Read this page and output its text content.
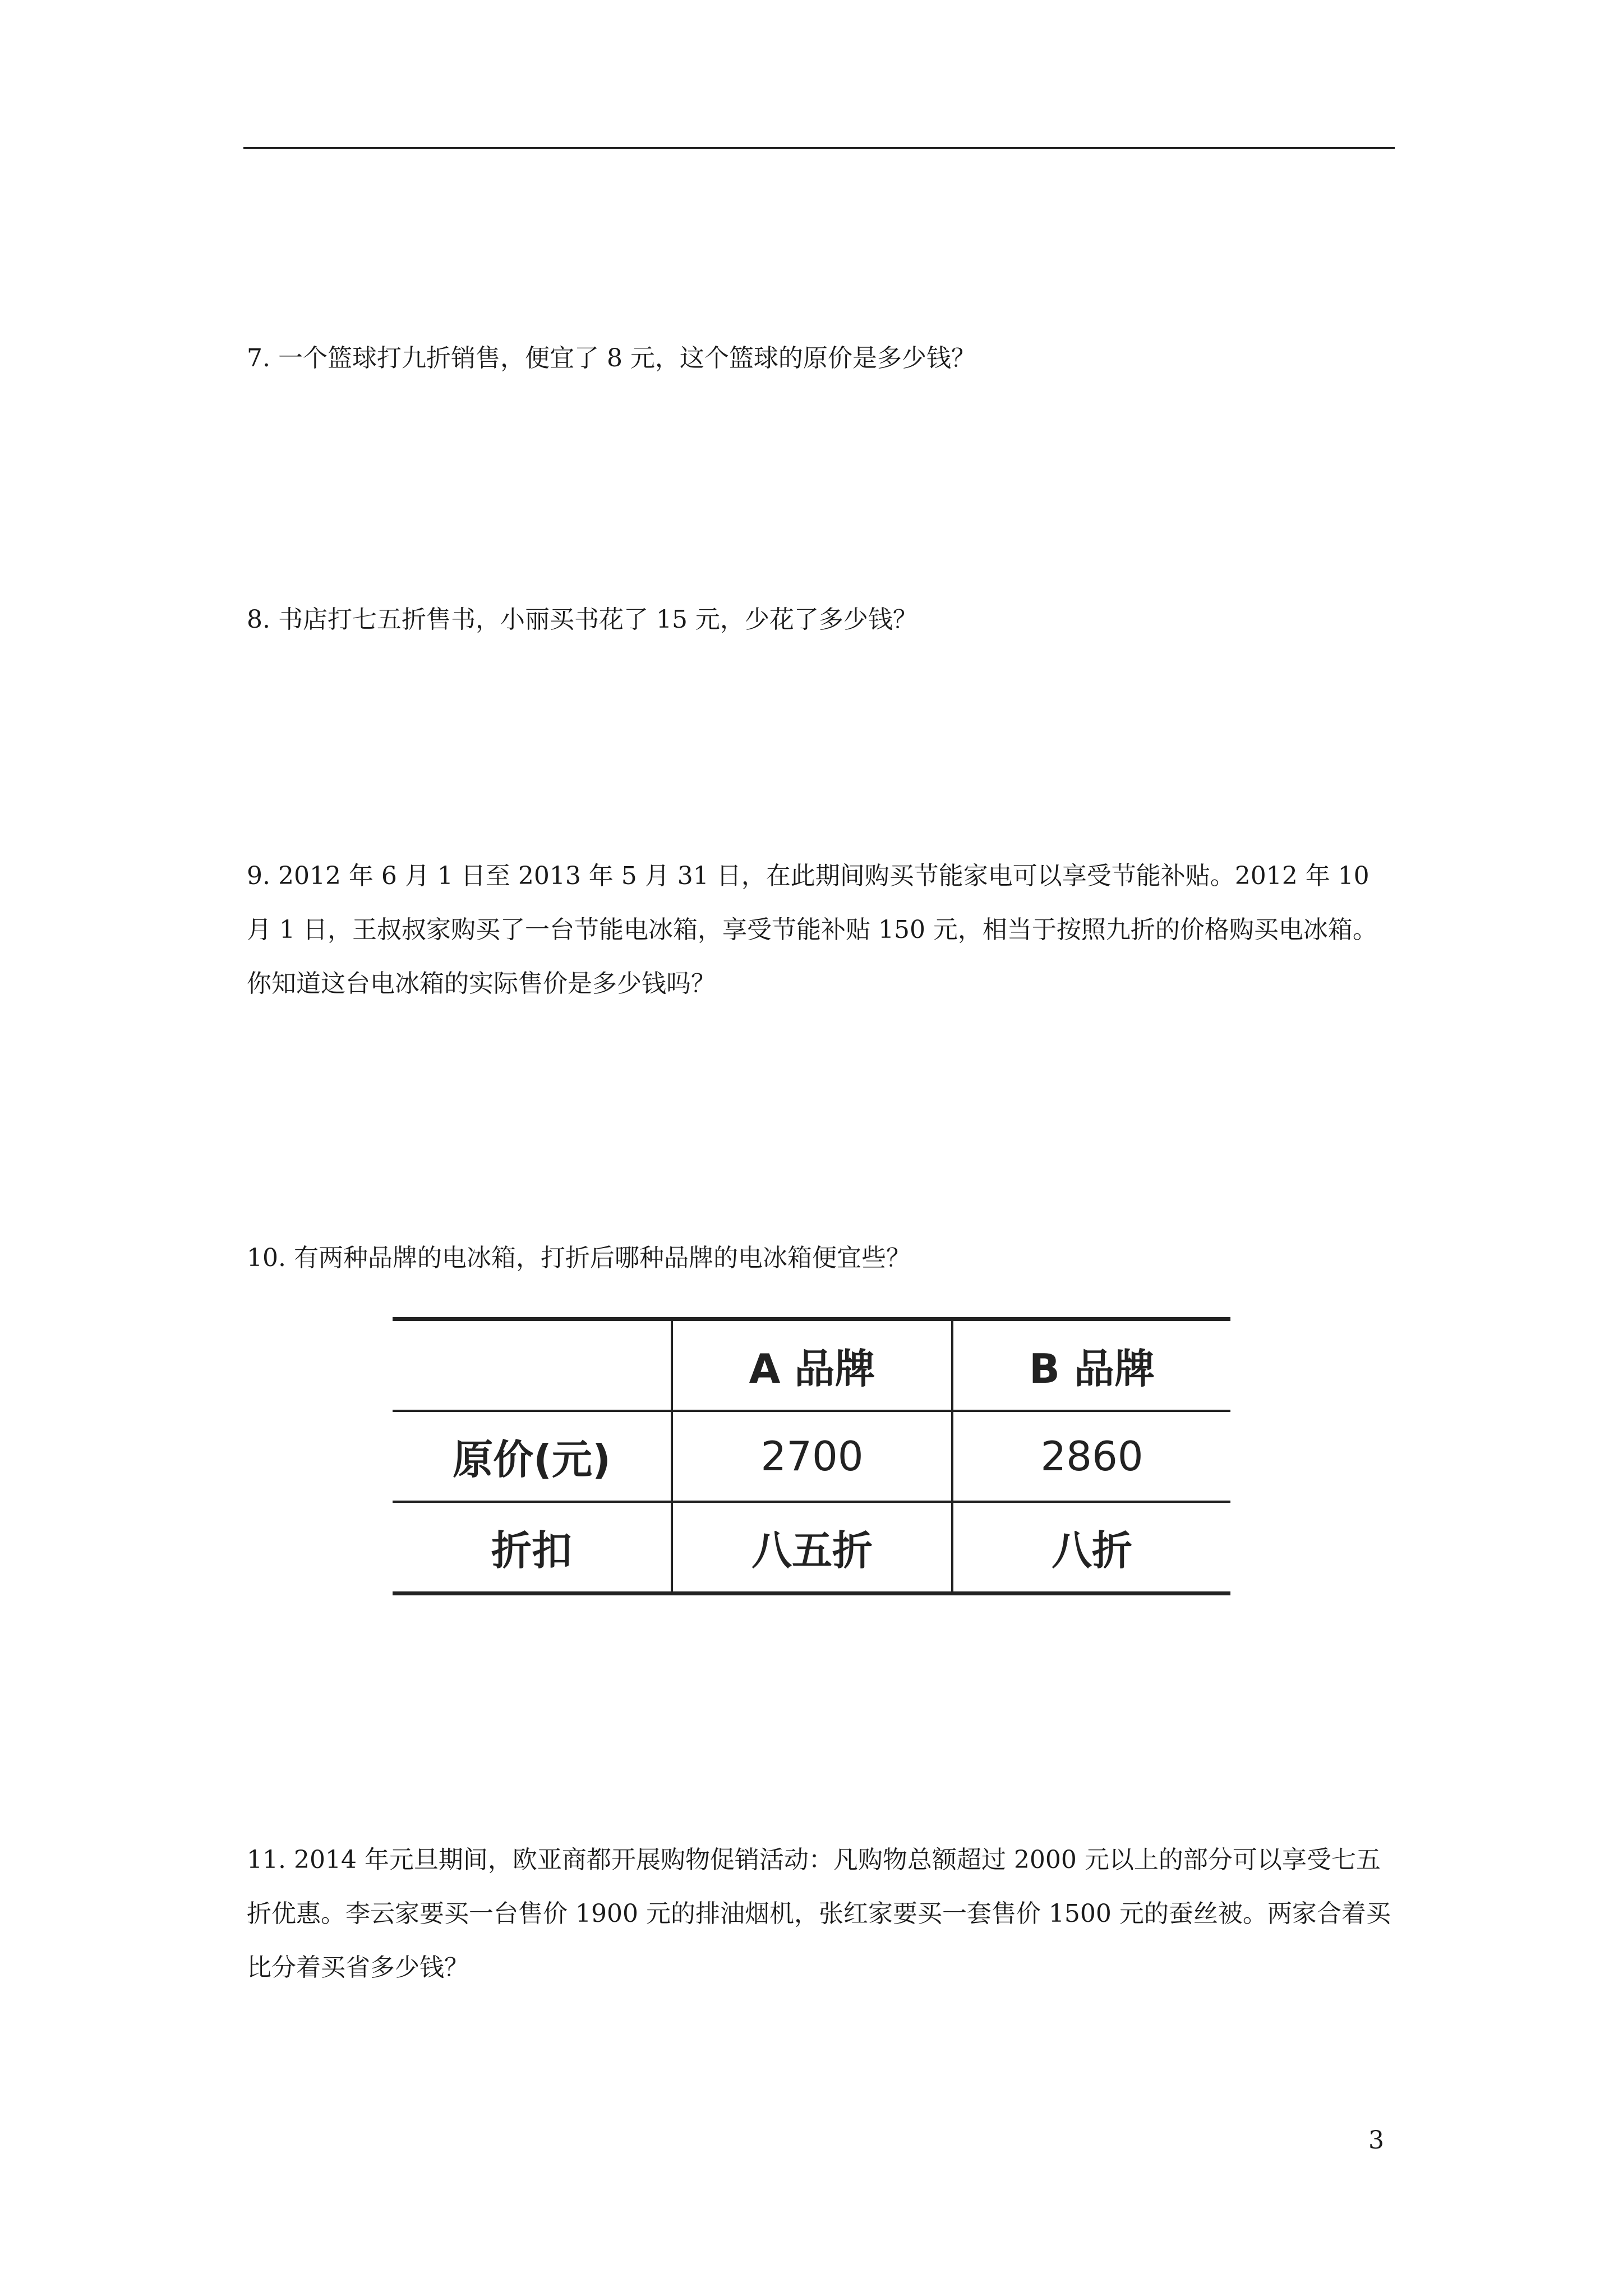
7. 一个篮球打九折销售，便宜了 8 元，这个篮球的原价是多少钱？

8. 书店打七五折售书，小丽买书花了 15 元，少花了多少钱？

9. 2012 年 6 月 1 日至 2013 年 5 月 31 日，在此期间购买节能家电可以享受节能补贴。2012 年 10 月 1 日，王叔叔家购买了一台节能电冰箱，享受节能补贴 150 元，相当于按照九折的价格购买电冰箱。你知道这台电冰箱的实际售价是多少钱吗？

10. 有两种品牌的电冰箱，打折后哪种品牌的电冰箱便宜些？

	A 品牌	B 品牌
原价(元)	2700	2860
折扣	八五折	八折

11. 2014 年元旦期间，欧亚商都开展购物促销活动：凡购物总额超过 2000 元以上的部分可以享受七五折优惠。李云家要买一台售价 1900 元的排油烟机，张红家要买一套售价 1500 元的蚕丝被。两家合着买比分着买省多少钱？

3
